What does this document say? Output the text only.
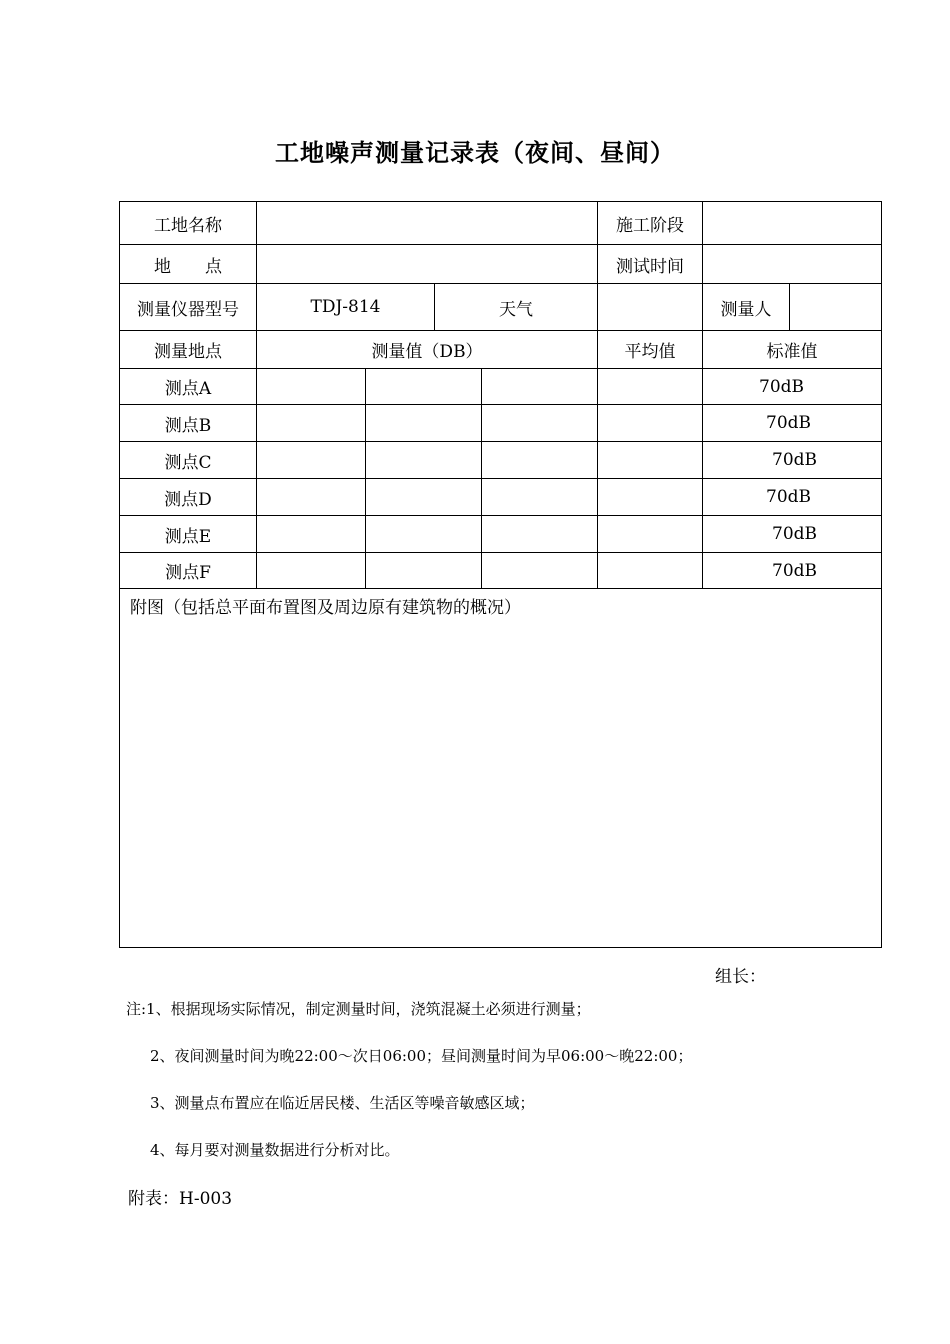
工地噪声测量记录表（夜间、昼间）
工地名称					施工阶段		
地　　点					测试时间		
测量仪器型号	TDJ-814		天气			测量人	
测量地点	测量值（DB）				平均值	标准值	
测点A						70dB	
测点B						70dB	
测点C						70dB	
测点D						70dB	
测点E						70dB	
测点F						70dB	
附图（包括总平面布置图及周边原有建筑物的概况）							
组长：
注:1、根据现场实际情况，制定测量时间，浇筑混凝土必须进行测量；
2、夜间测量时间为晚22:00～次日06:00；昼间测量时间为早06:00～晚22:00；
3、测量点布置应在临近居民楼、生活区等噪音敏感区域；
4、每月要对测量数据进行分析对比。
附表：H-003
